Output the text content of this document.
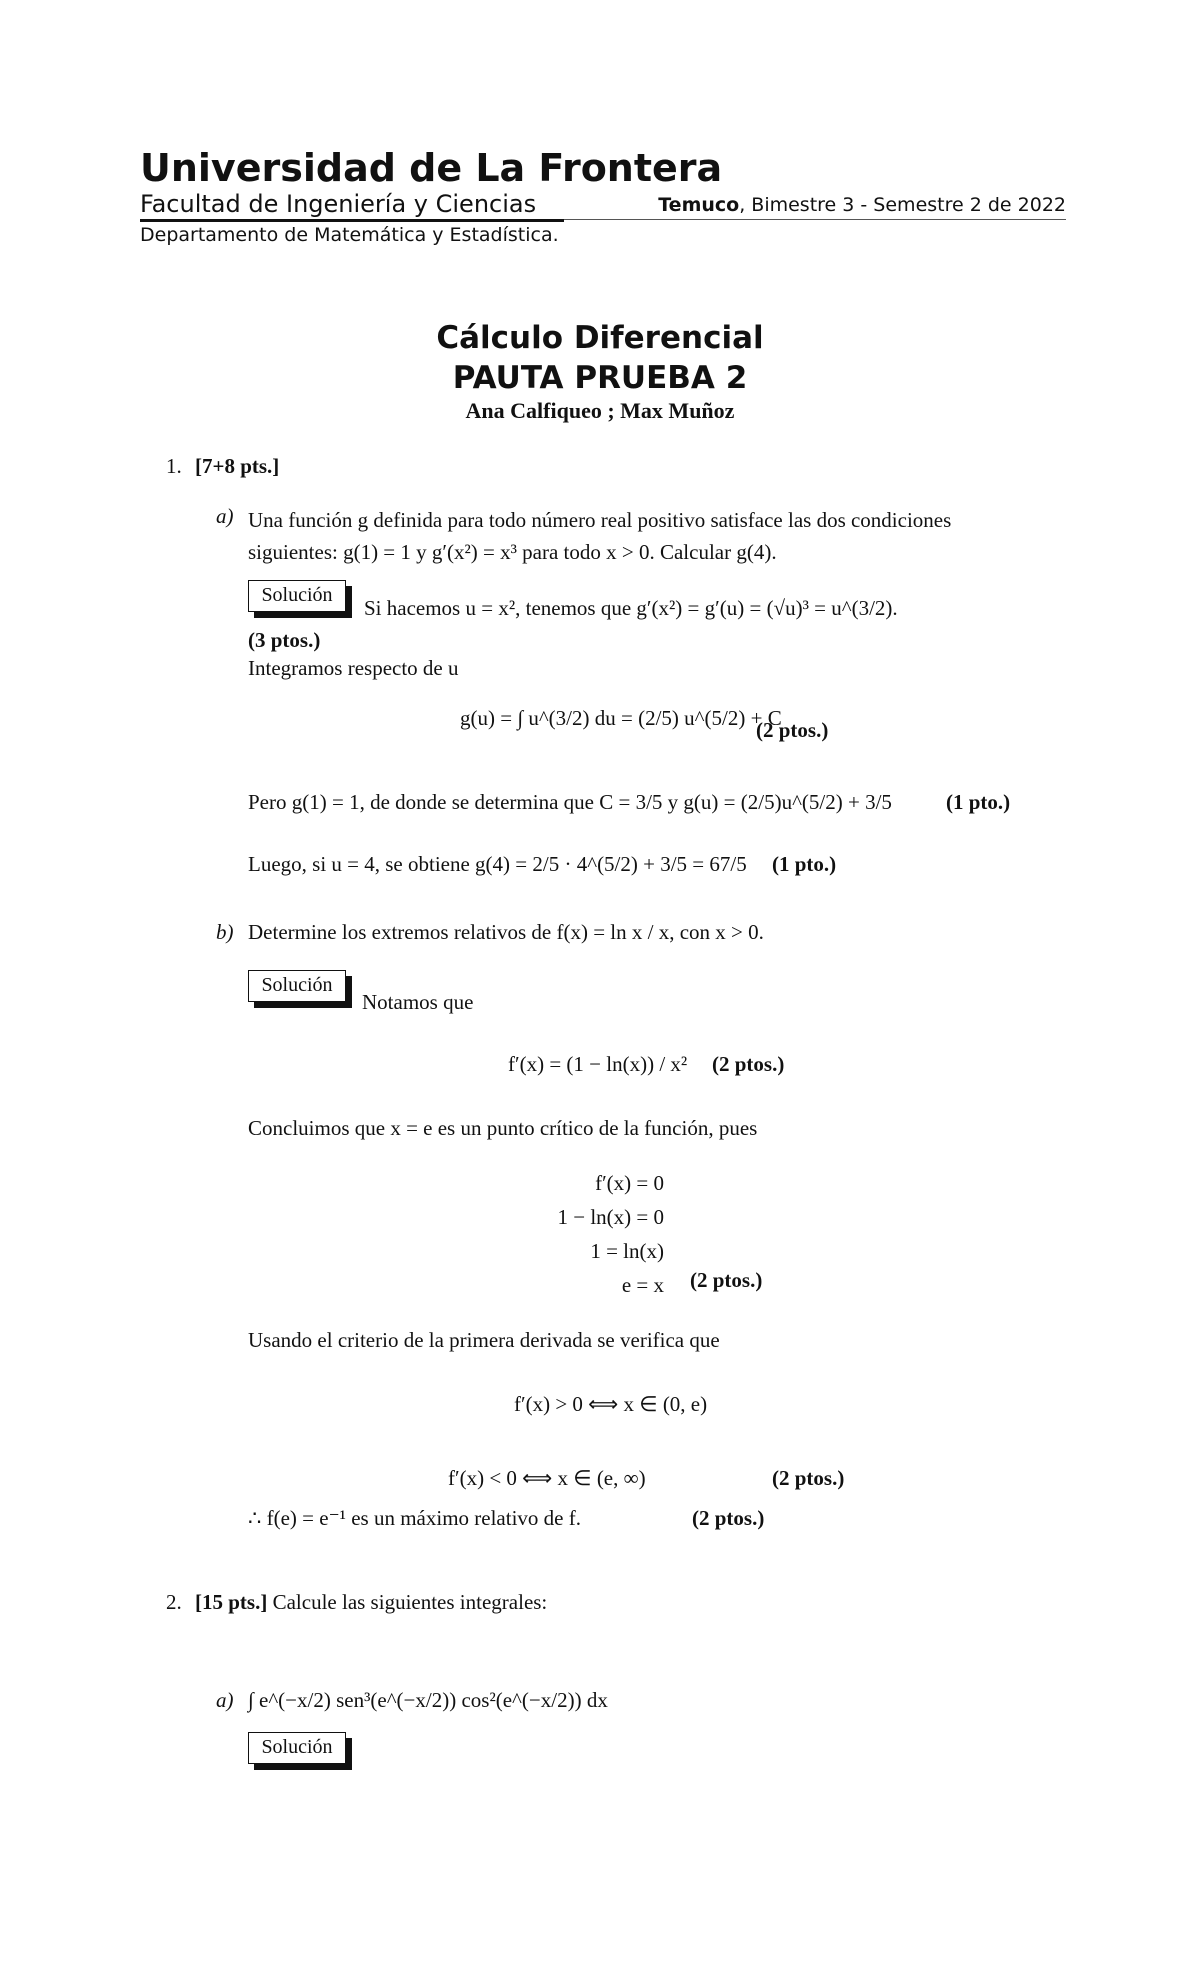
Universidad de La Frontera
Facultad de Ingeniería y Ciencias	Temuco, Bimestre 3 - Semestre 2 de 2022
Departamento de Matemática y Estadística.
Cálculo Diferencial
PAUTA PRUEBA 2
Ana Calfiqueo ; Max Muñoz
1. [7+8 pts.]
a) Una función g definida para todo número real positivo satisface las dos condiciones
siguientes: g(1) = 1 y g′(x²) = x³ para todo x > 0. Calcular g(4).
Solución
Si hacemos u = x², tenemos que g′(x²) = g′(u) = (√u)³ = u^(3/2).
(3 ptos.)
Integramos respecto de u
g(u) = ∫ u^(3/2) du = (2/5) u^(5/2) + C
(2 ptos.)
Pero g(1) = 1, de donde se determina que C = 3/5 y g(u) = (2/5)u^(5/2) + 3/5	(1 pto.)
Luego, si u = 4, se obtiene g(4) = 2/5 · 4^(5/2) + 3/5 = 67/5 (1 pto.)
b) Determine los extremos relativos de f(x) = ln x / x, con x > 0.
Solución
Notamos que
f′(x) = (1 − ln(x)) / x² (2 ptos.)
Concluimos que x = e es un punto crítico de la función, pues
f′(x) = 0
1 − ln(x) = 0
1 = ln(x)
e = x (2 ptos.)
Usando el criterio de la primera derivada se verifica que
f′(x) > 0 ⟺ x ∈ (0, e)
f′(x) < 0 ⟺ x ∈ (e, ∞)	(2 ptos.)
∴ f(e) = e⁻¹ es un máximo relativo de f.	(2 ptos.)
2. [15 pts.] Calcule las siguientes integrales:
a) ∫ e^(−x/2) sen³(e^(−x/2)) cos²(e^(−x/2)) dx
Solución
